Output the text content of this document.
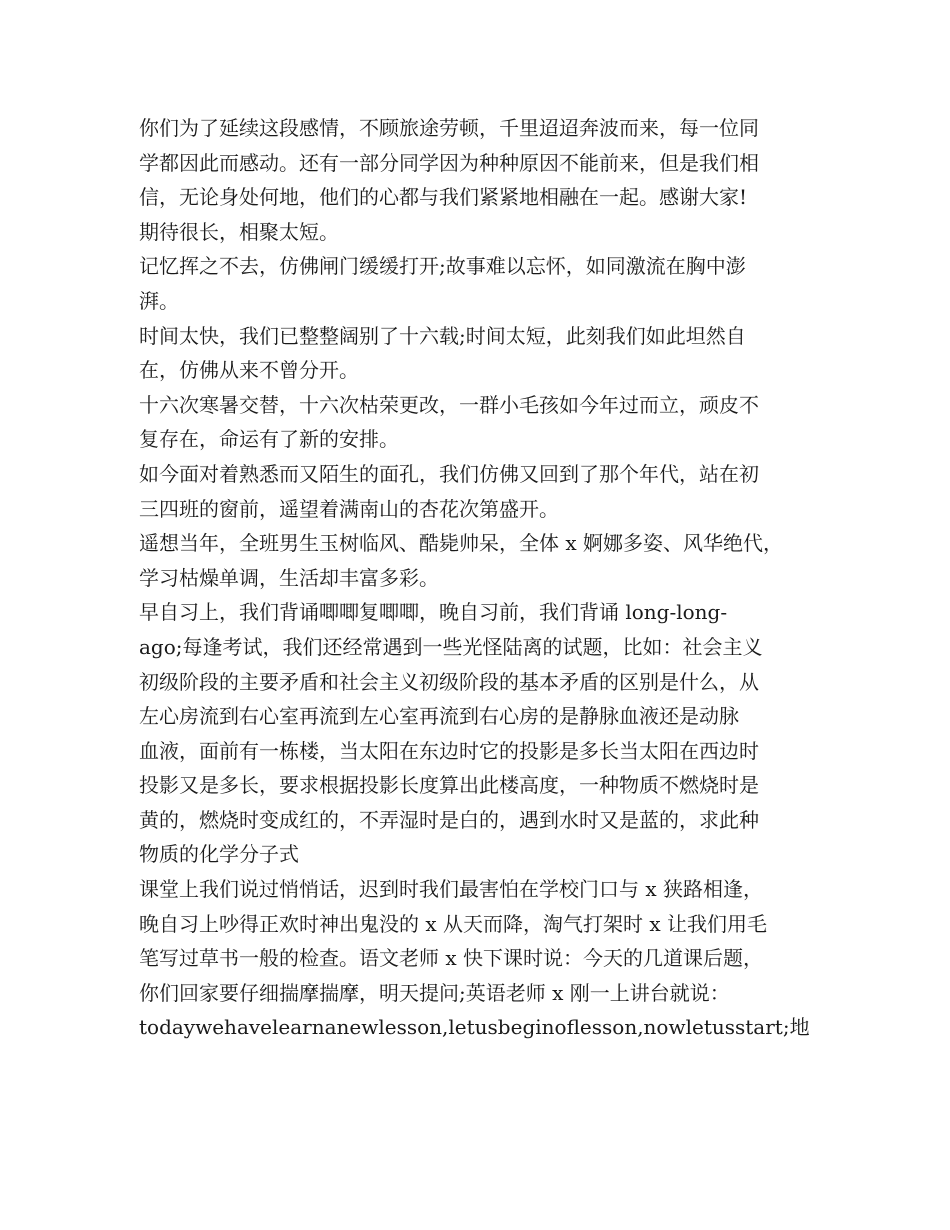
你们为了延续这段感情，不顾旅途劳顿，千里迢迢奔波而来，每一位同
学都因此而感动。还有一部分同学因为种种原因不能前来，但是我们相
信，无论身处何地，他们的心都与我们紧紧地相融在一起。感谢大家!
期待很长，相聚太短。
记忆挥之不去，仿佛闸门缓缓打开;故事难以忘怀，如同激流在胸中澎
湃。
时间太快，我们已整整阔别了十六载;时间太短，此刻我们如此坦然自
在，仿佛从来不曾分开。
十六次寒暑交替，十六次枯荣更改，一群小毛孩如今年过而立，顽皮不
复存在，命运有了新的安排。
如今面对着熟悉而又陌生的面孔，我们仿佛又回到了那个年代，站在初
三四班的窗前，遥望着满南山的杏花次第盛开。
遥想当年，全班男生玉树临风、酷毙帅呆，全体 x 婀娜多姿、风华绝代，
学习枯燥单调，生活却丰富多彩。
早自习上，我们背诵唧唧复唧唧，晚自习前，我们背诵 long-long-
ago;每逢考试，我们还经常遇到一些光怪陆离的试题，比如：社会主义
初级阶段的主要矛盾和社会主义初级阶段的基本矛盾的区别是什么，从
左心房流到右心室再流到左心室再流到右心房的是静脉血液还是动脉
血液，面前有一栋楼，当太阳在东边时它的投影是多长当太阳在西边时
投影又是多长，要求根据投影长度算出此楼高度，一种物质不燃烧时是
黄的，燃烧时变成红的，不弄湿时是白的，遇到水时又是蓝的，求此种
物质的化学分子式
课堂上我们说过悄悄话，迟到时我们最害怕在学校门口与 x 狭路相逢，
晚自习上吵得正欢时神出鬼没的 x 从天而降，淘气打架时 x 让我们用毛
笔写过草书一般的检查。语文老师 x 快下课时说：今天的几道课后题，
你们回家要仔细揣摩揣摩，明天提问;英语老师 x 刚一上讲台就说：
todaywehavelearnanewlesson,letusbeginoflesson,nowletusstart;地
